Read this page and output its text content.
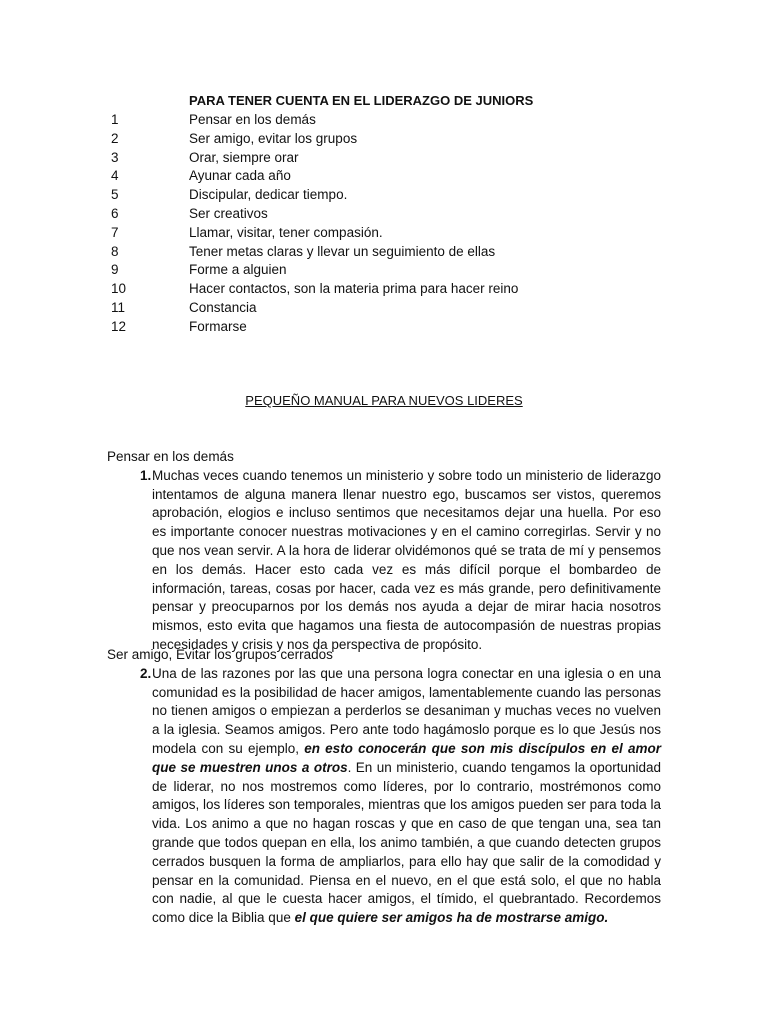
PARA TENER CUENTA EN EL LIDERAZGO DE JUNIORS
1	Pensar en los demás
2	Ser amigo, evitar los grupos
3	Orar, siempre orar
4	Ayunar cada año
5	Discipular, dedicar tiempo.
6	Ser creativos
7	Llamar, visitar, tener compasión.
8	Tener metas claras y llevar un seguimiento de ellas
9	Forme a alguien
10	Hacer contactos, son la materia prima para hacer reino
11	Constancia
12	Formarse
PEQUEÑO MANUAL PARA NUEVOS LIDERES
Pensar en los demás
1. Muchas veces cuando tenemos un ministerio y sobre todo un ministerio de liderazgo intentamos de alguna manera llenar nuestro ego, buscamos ser vistos, queremos aprobación, elogios e incluso sentimos que necesitamos dejar una huella. Por eso es importante conocer nuestras motivaciones y en el camino corregirlas. Servir y no que nos vean servir. A la hora de liderar olvidémonos qué se trata de mí y pensemos en los demás. Hacer esto cada vez es más difícil porque el bombardeo de información, tareas, cosas por hacer, cada vez es más grande, pero definitivamente pensar y preocuparnos por los demás nos ayuda a dejar de mirar hacia nosotros mismos, esto evita que hagamos una fiesta de autocompasión de nuestras propias necesidades y crisis y nos da perspectiva de propósito.
Ser amigo, Evitar los grupos cerrados
2. Una de las razones por las que una persona logra conectar en una iglesia o en una comunidad es la posibilidad de hacer amigos, lamentablemente cuando las personas no tienen amigos o empiezan a perderlos se desaniman y muchas veces no vuelven a la iglesia. Seamos amigos. Pero ante todo hagámoslo porque es lo que Jesús nos modela con su ejemplo, en esto conocerán que son mis discípulos en el amor que se muestren unos a otros. En un ministerio, cuando tengamos la oportunidad de liderar, no nos mostremos como líderes, por lo contrario, mostrémonos como amigos, los líderes son temporales, mientras que los amigos pueden ser para toda la vida. Los animo a que no hagan roscas y que en caso de que tengan una, sea tan grande que todos quepan en ella, los animo también, a que cuando detecten grupos cerrados busquen la forma de ampliarlos, para ello hay que salir de la comodidad y pensar en la comunidad. Piensa en el nuevo, en el que está solo, el que no habla con nadie, al que le cuesta hacer amigos, el tímido, el quebrantado. Recordemos como dice la Biblia que el que quiere ser amigos ha de mostrarse amigo.
